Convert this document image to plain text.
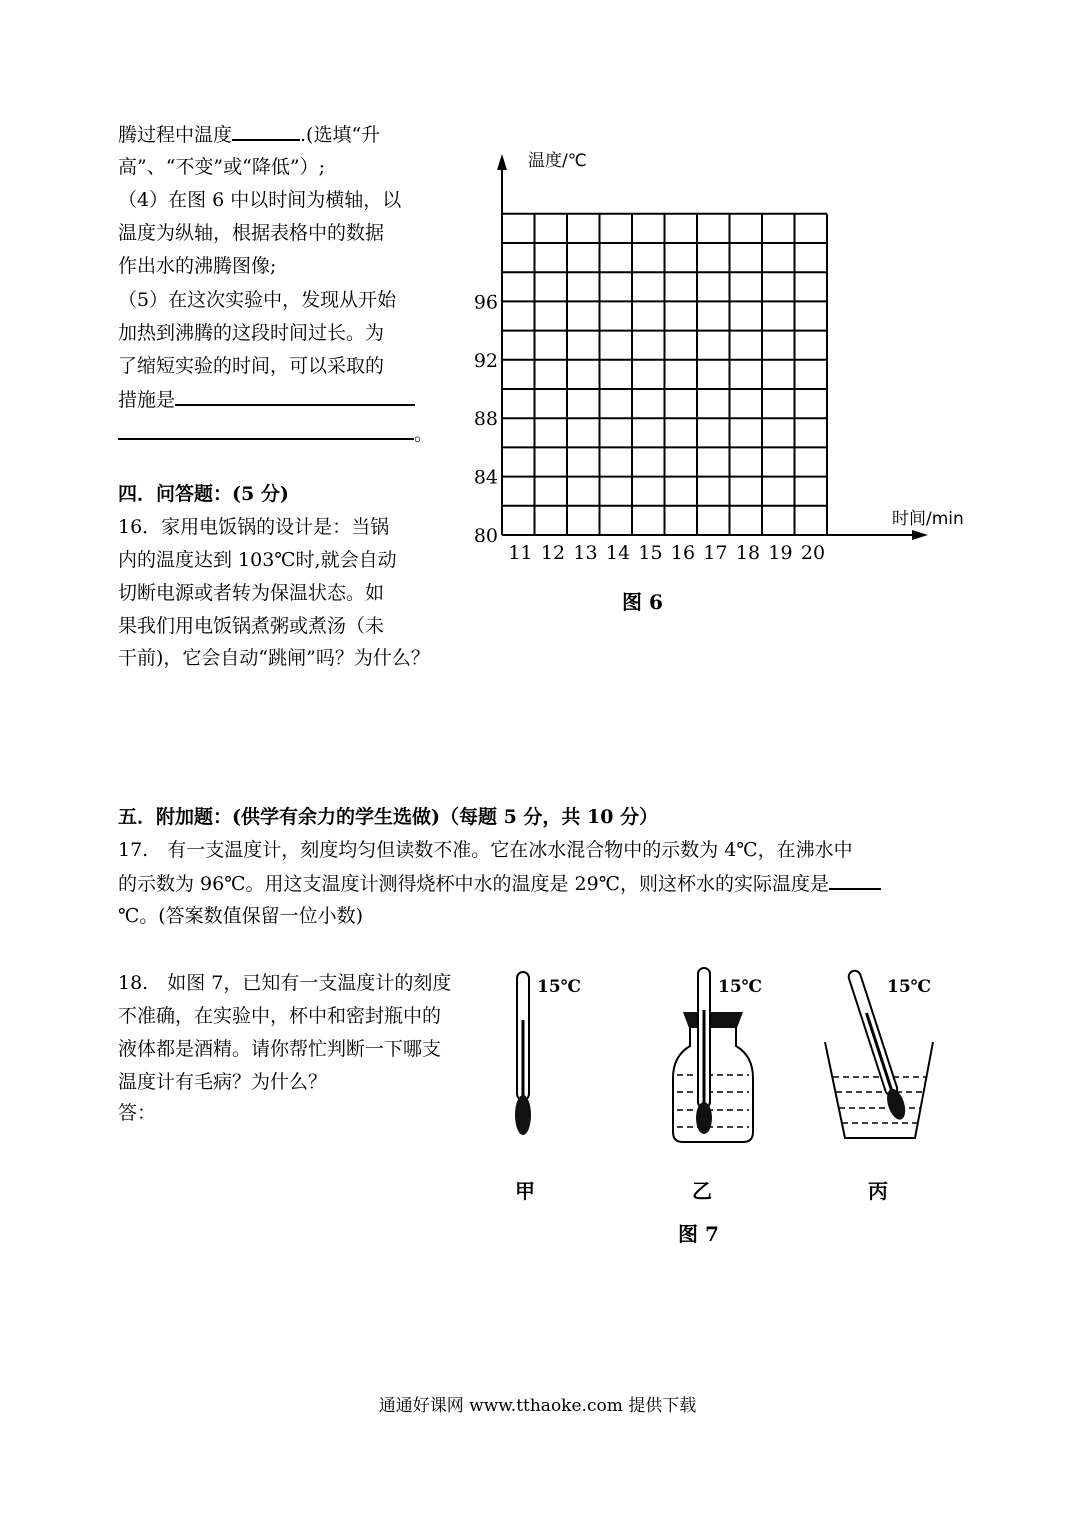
腾过程中温度	.(选填“升
高”、“不变”或“降低”）;
（4）在图 6 中以时间为横轴，以
温度为纵轴，根据表格中的数据
作出水的沸腾图像;
（5）在这次实验中，发现从开始
加热到沸腾的这段时间过长。为
了缩短实验的时间，可以采取的
措施是
。
四．问答题：(5 分)
16．家用电饭锅的设计是：当锅
内的温度达到 103℃时,就会自动
切断电源或者转为保温状态。如
果我们用电饭锅煮粥或煮汤（未
干前)，它会自动“跳闸”吗？为什么？
11 12 13 14 15 16 17 18 19 20
80
84
88
92
96
温度/℃
时间/min
图 6
五．附加题：(供学有余力的学生选做)（每题 5 分，共 10 分）
17.　有一支温度计，刻度均匀但读数不准。它在冰水混合物中的示数为 4℃，在沸水中
的示数为 96℃。用这支温度计测得烧杯中水的温度是 29℃，则这杯水的实际温度是
℃。(答案数值保留一位小数)
18.　如图 7，已知有一支温度计的刻度
不准确，在实验中，杯中和密封瓶中的
液体都是酒精。请你帮忙判断一下哪支
温度计有毛病？为什么？
答：
15℃	15℃	15℃
甲	乙	丙
图 7
通通好课网 www.tthaoke.com 提供下载
